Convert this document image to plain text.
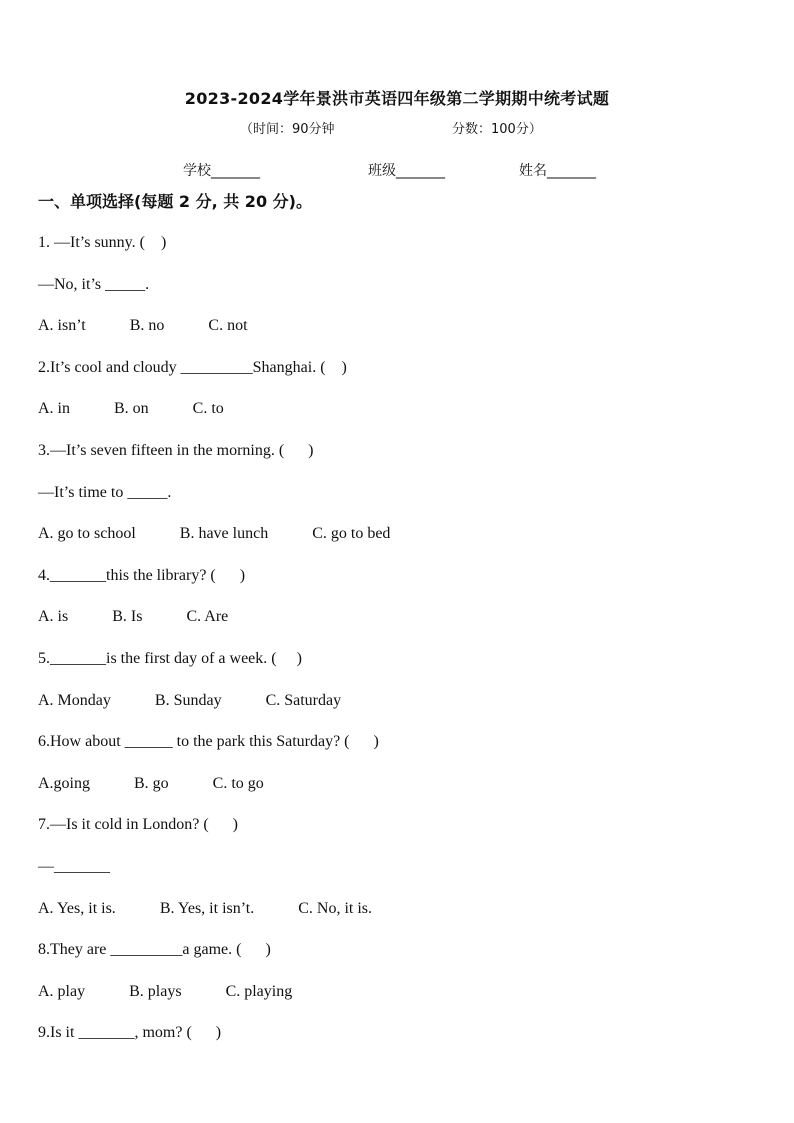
2023-2024学年景洪市英语四年级第二学期期中统考试题
（时间：90分钟	分数：100分）
学校_______	班级_______	姓名_______
一、单项选择(每题 2 分, 共 20 分)。
1. —It’s sunny. (    )
—No, it’s _____.
A. isn’t	B. no	C. not
2.It’s cool and cloudy _________Shanghai. (    )
A. in	B. on	C. to
3.—It’s seven fifteen in the morning. (      )
—It’s time to _____.
A. go to school	B. have lunch	C. go to bed
4._______this the library? (      )
A. is	B. Is	C. Are
5._______is the first day of a week. (     )
A. Monday	B. Sunday	C. Saturday
6.How about ______ to the park this Saturday? (      )
A.going	B. go	C. to go
7.—Is it cold in London? (      )
—_______
A. Yes, it is.	B. Yes, it isn’t.	C. No, it is.
8.They are _________a game. (      )
A. play	B. plays	C. playing
9.Is it _______, mom? (      )
